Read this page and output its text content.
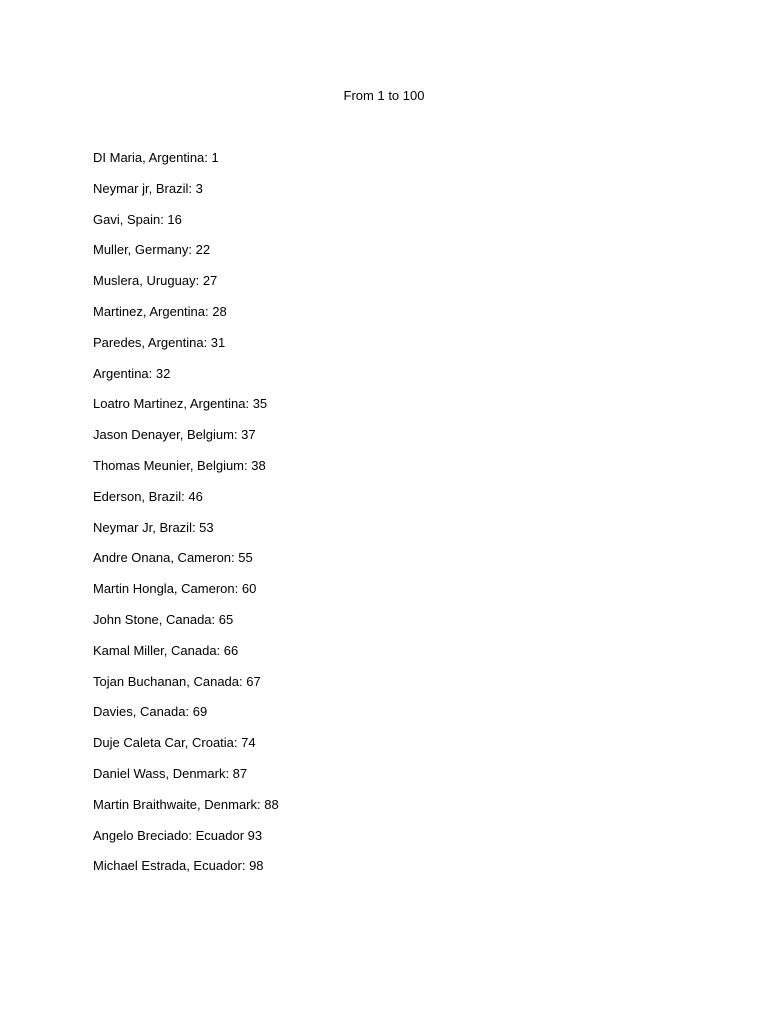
From 1 to 100
DI Maria, Argentina: 1
Neymar jr, Brazil: 3
Gavi, Spain: 16
Muller, Germany: 22
Muslera, Uruguay: 27
Martinez, Argentina: 28
Paredes, Argentina: 31
Argentina: 32
Loatro Martinez, Argentina: 35
Jason Denayer, Belgium: 37
Thomas Meunier, Belgium: 38
Ederson, Brazil: 46
Neymar Jr, Brazil: 53
Andre Onana, Cameron: 55
Martin Hongla, Cameron: 60
John Stone, Canada: 65
Kamal Miller, Canada: 66
Tojan Buchanan, Canada: 67
Davies, Canada: 69
Duje Caleta Car, Croatia: 74
Daniel Wass, Denmark: 87
Martin Braithwaite, Denmark: 88
Angelo Breciado: Ecuador 93
Michael Estrada, Ecuador: 98
